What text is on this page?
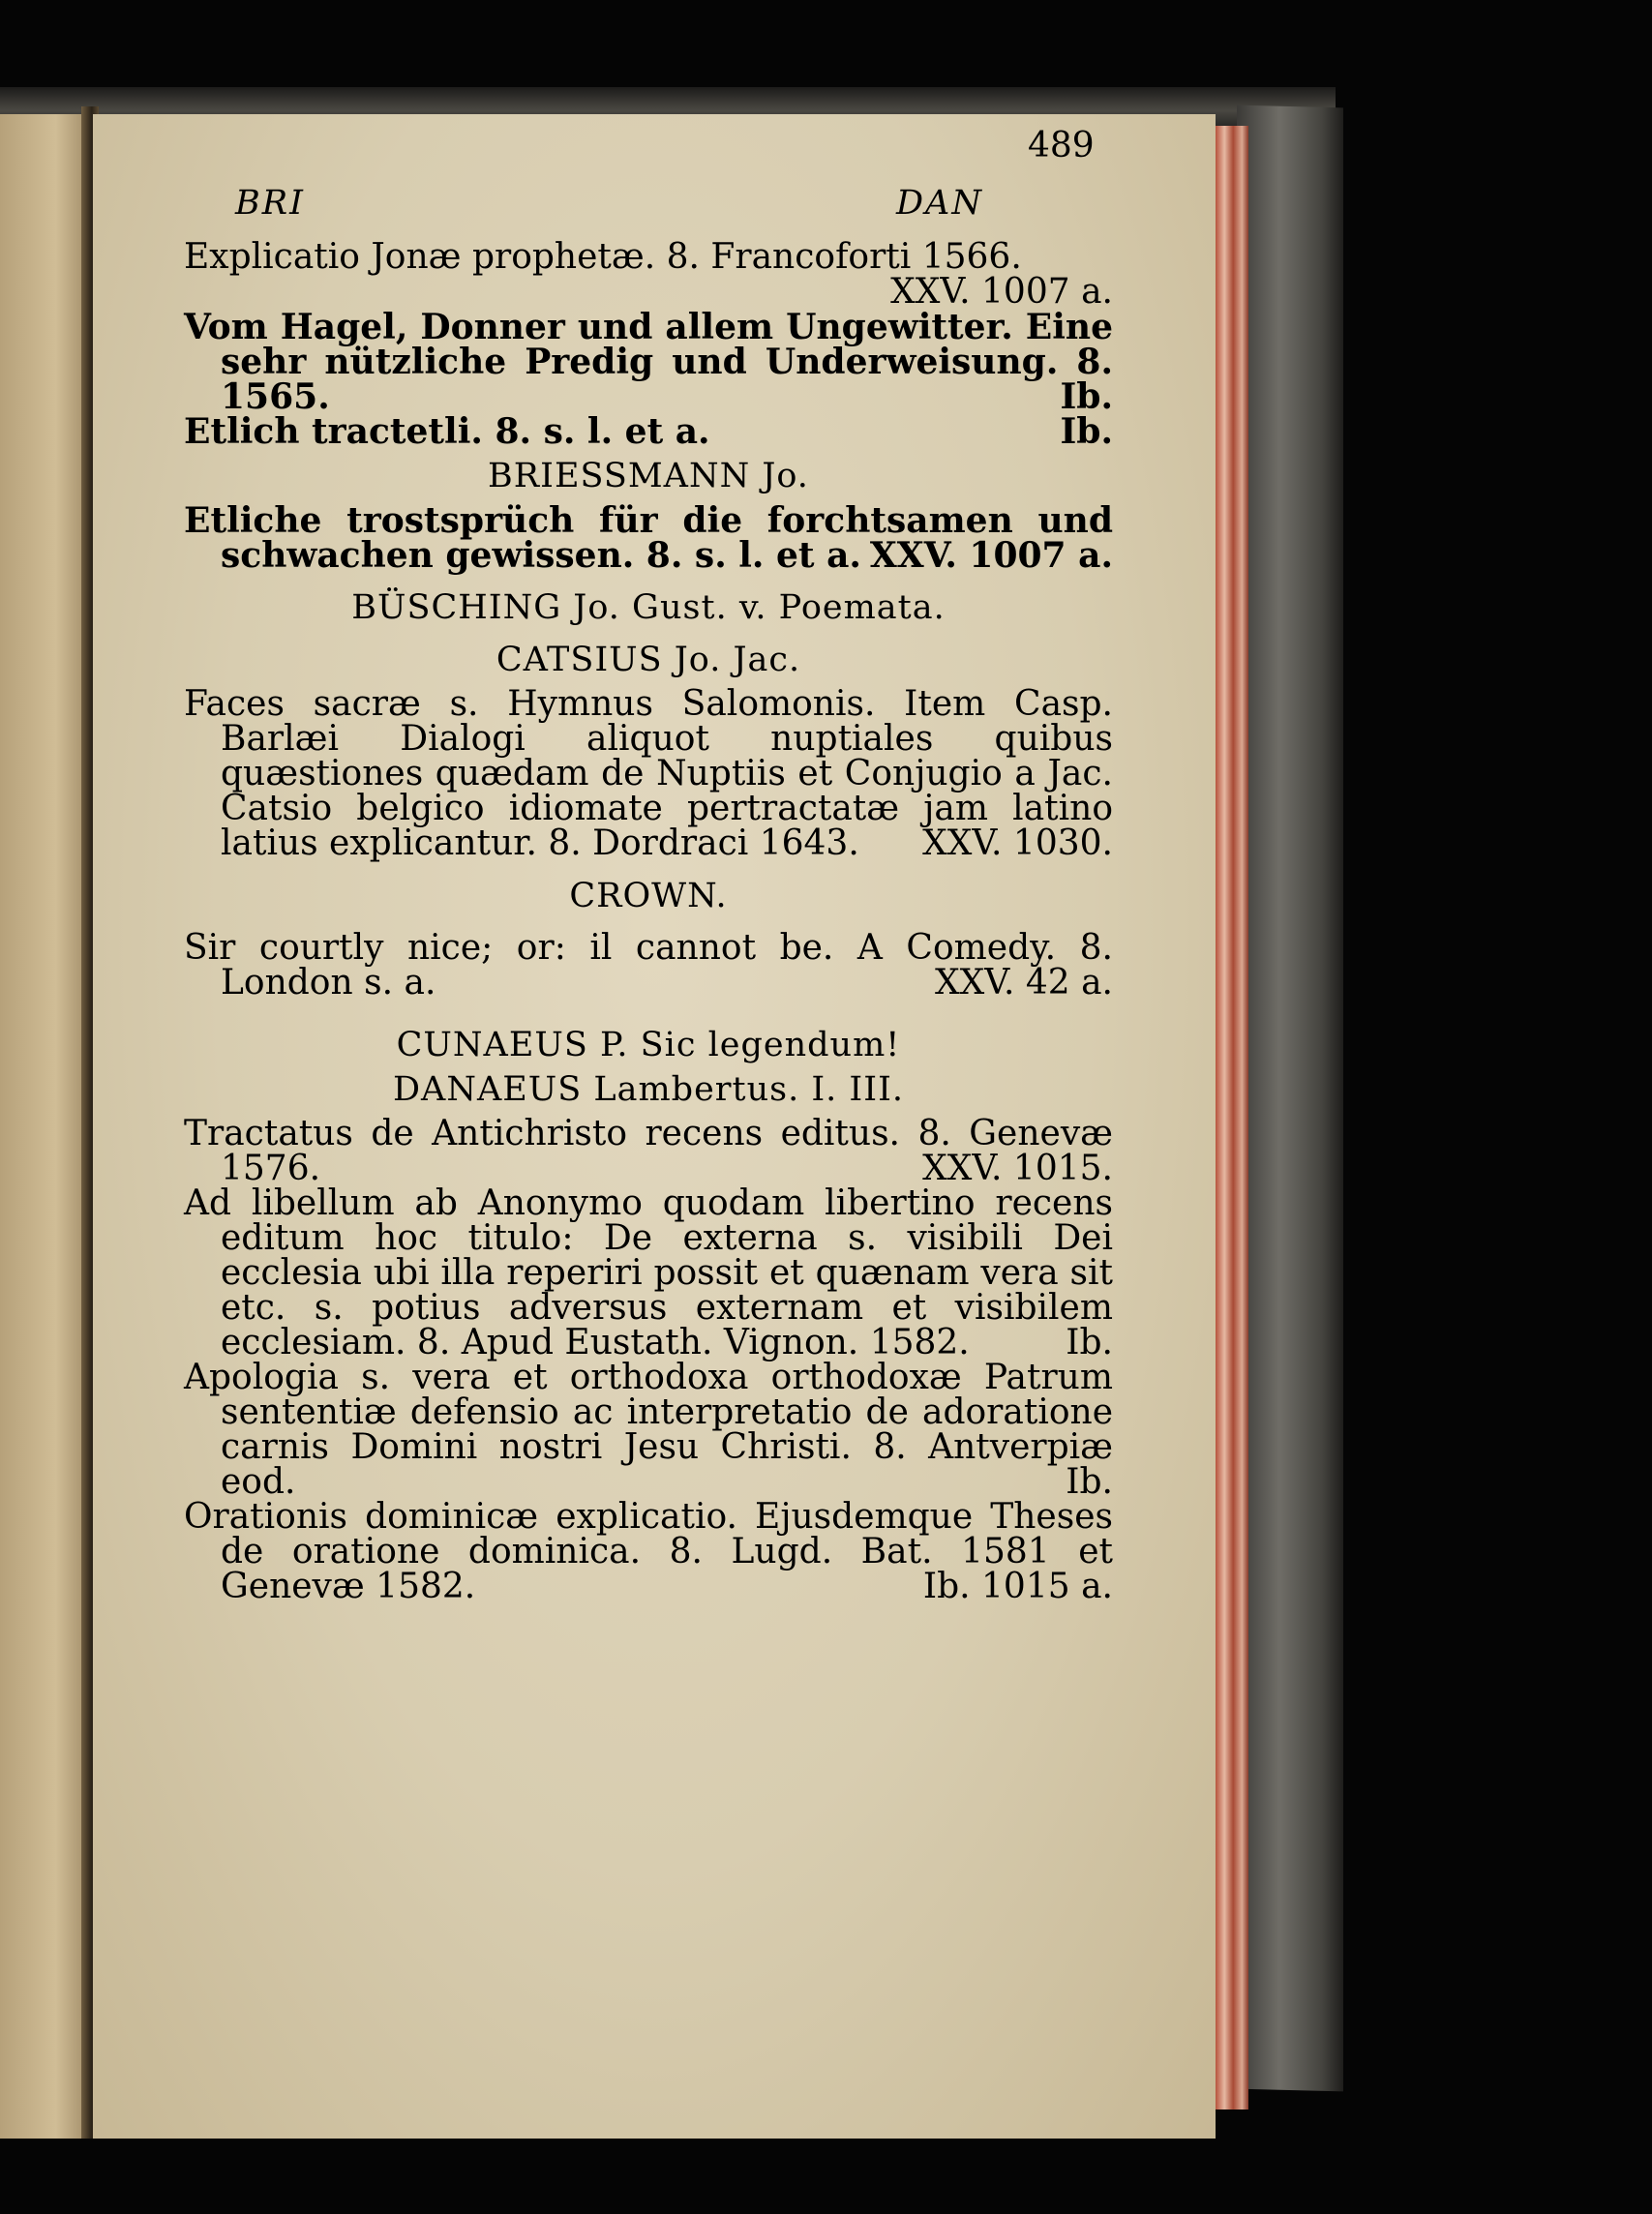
489
BRI	DAN

Explicatio Jonæ prophetæ. 8. Francoforti 1566.
XXV. 1007 a.

Vom Hagel, Donner und allem Ungewitter. Eine sehr nützliche Predig und Underweisung. 8. 1565.	Ib.

Etlich tractetli. 8. s. l. et a.	Ib.

BRIESSMANN Jo.

Etliche trostsprüch für die forchtsamen und schwachen gewissen. 8. s. l. et a. XXV. 1007 a.

BÜSCHING Jo. Gust. v. Poemata.

CATSIUS Jo. Jac.

Faces sacræ s. Hymnus Salomonis. Item Casp. Barlæi Dialogi aliquot nuptiales quibus quæstiones quædam de Nuptiis et Conjugio a Jac. Catsio belgico idiomate pertractatæ jam latino latius explicantur. 8. Dordraci 1643. XXV. 1030.

CROWN.

Sir courtly nice; or: il cannot be. A Comedy. 8. London s. a.	XXV. 42 a.

CUNAEUS P. Sic legendum!

DANAEUS Lambertus. I. III.

Tractatus de Antichristo recens editus. 8. Genevæ 1576.	XXV. 1015.

Ad libellum ab Anonymo quodam libertino recens editum hoc titulo: De externa s. visibili Dei ecclesia ubi illa reperiri possit et quænam vera sit etc. s. potius adversus externam et visibilem ecclesiam. 8. Apud Eustath. Vignon. 1582.	Ib.

Apologia s. vera et orthodoxa orthodoxæ Patrum sententiæ defensio ac interpretatio de adoratione carnis Domini nostri Jesu Christi. 8. Antverpiæ eod.	Ib.

Orationis dominicæ explicatio. Ejusdemque Theses de oratione dominica. 8. Lugd. Bat. 1581 et Genevæ 1582.	Ib. 1015 a.
